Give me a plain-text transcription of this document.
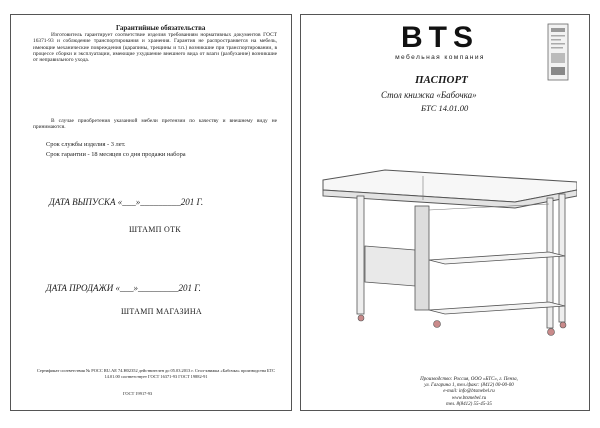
Гарантийные обязательства
Изготовитель гарантирует соответствие изделия требованиям нормативных документов ГОСТ 16371-93 и соблюдение транспортирования и хранения. Гарантия не распространяется на мебель, имеющие механические повреждения (царапины, трещины и т.п.) возникшие при транспортировании, в процессе сборки и эксплуатации, имеющие ухудшение внешнего вида от влаги (разбухание) возникшие от неправильного ухода.
В случае приобретения указанной мебели претензии по качеству и внешнему виду не принимаются.
Срок службы изделия - 3 лет.
Срок гарантии - 18 месяцев со дня продажи набора
ДАТА ВЫПУСКА «___»_________201 Г.
ШТАМП ОТК
ДАТА ПРОДАЖИ «___»_________201 Г.
ШТАМП МАГАЗИНА
Сертификат соответствия № РОСС RU.АЕ 74.Н02352 действителен до 05.03.2013 г. Стол-книжка «Бабочка» производства БТС 14.01.00 соответствует ГОСТ 16371-93 ГОСТ 19882-91
ГОСТ 19917-93
BTS
мебельная компания
ПАСПОРТ
Стол книжка «Бабочка»
БТС 14.01.00
Производство: Россия, ООО «БТС», г. Пенза,
ул. Гагарина 1, тел./факс: (8412) 00-00-00
e-mail: info@btsmebel.ru
www.btsmebel.ru
тел. 8(8412) 55-45-35
